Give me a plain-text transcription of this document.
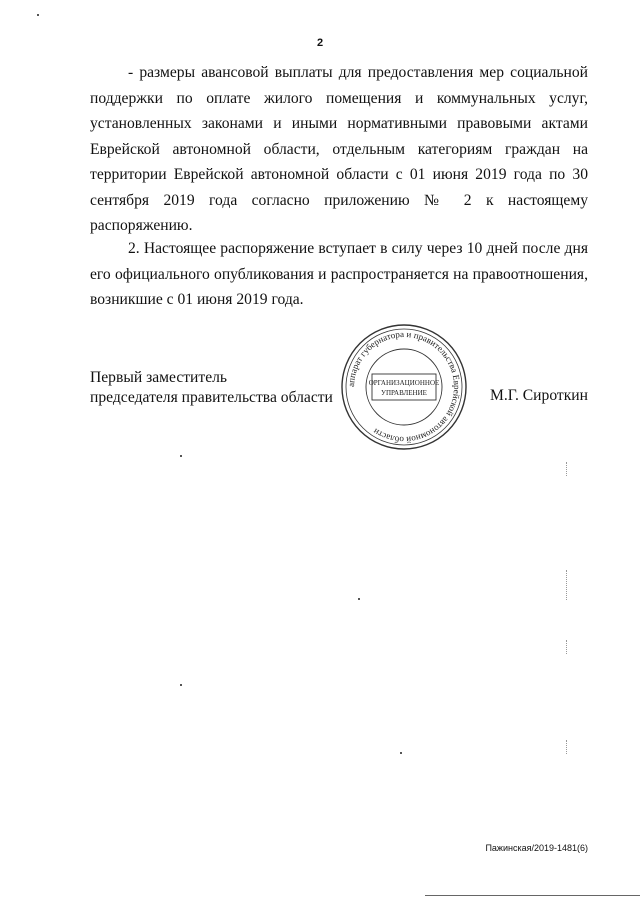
2

- размеры авансовой выплаты для предоставления мер социальной поддержки по оплате жилого помещения и коммунальных услуг, установленных законами и иными нормативными правовыми актами Еврейской автономной области, отдельным категориям граждан на территории Еврейской автономной области с 01 июня 2019 года по 30 сентября 2019 года согласно приложению № 2 к настоящему распоряжению.

2. Настоящее распоряжение вступает в силу через 10 дней после дня его официального опубликования и распространяется на правоотношения, возникшие с 01 июня 2019 года.

Первый заместитель
председателя правительства области
аппарат губернатора и правительства Еврейской автономной области
ОРГАНИЗАЦИОННОЕ
УПРАВЛЕНИЕ	М.Г. Сироткин
Пажинская/2019-1481(6)
